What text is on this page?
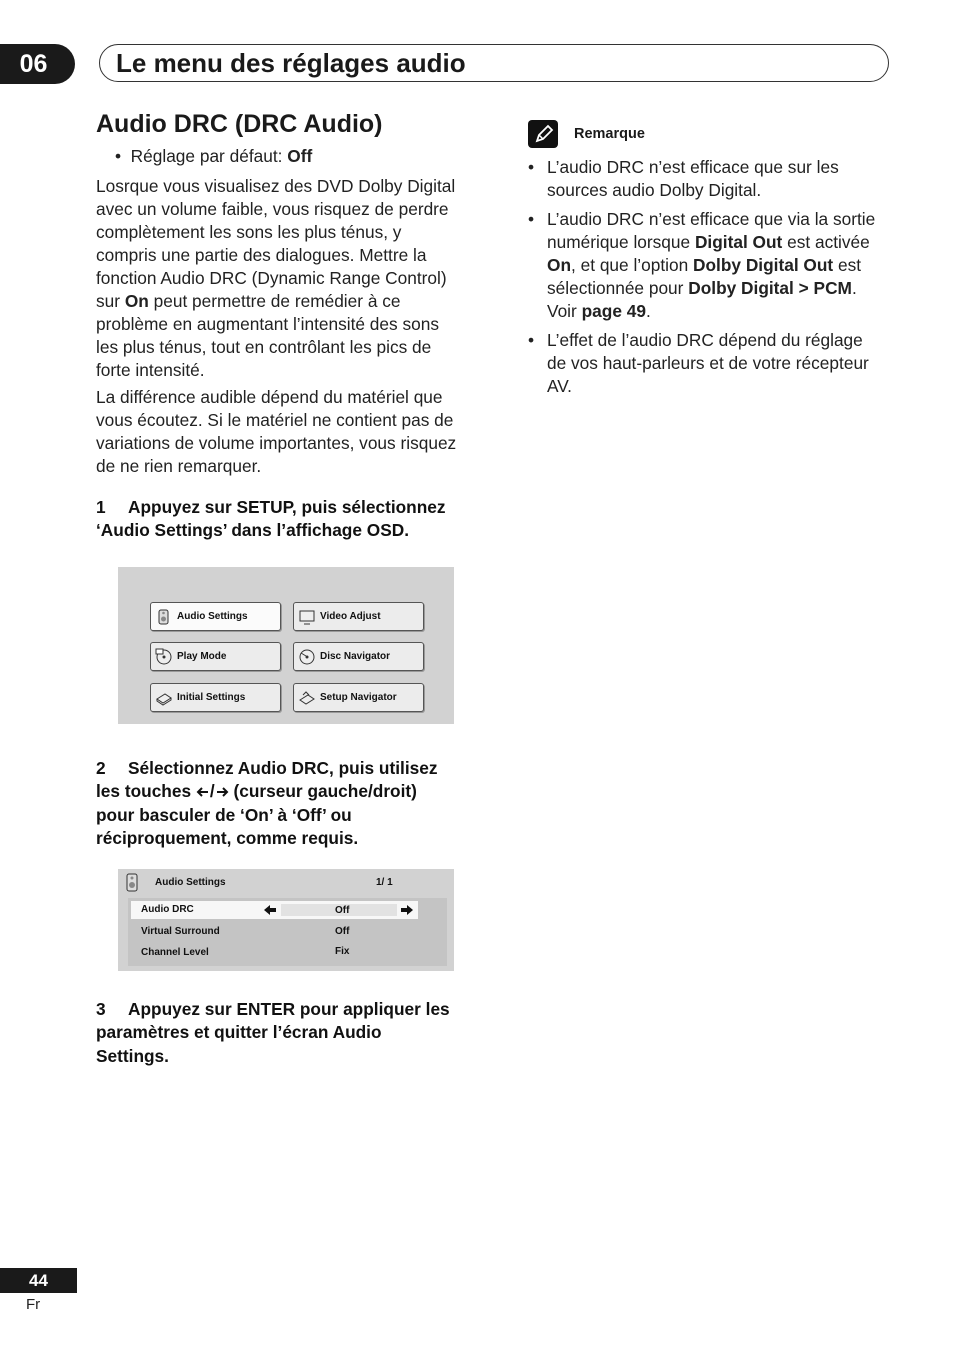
06	Le menu des réglages audio
Audio DRC (DRC Audio)
•  Réglage par défaut: Off
Losrque vous visualisez des DVD Dolby Digital avec un volume faible, vous risquez de perdre complètement les sons les plus ténus, y compris une partie des dialogues. Mettre la fonction Audio DRC (Dynamic Range Control) sur On peut permettre de remédier à ce problème en augmentant l’intensité des sons les plus ténus, tout en contrôlant les pics de forte intensité.
La différence audible dépend du matériel que vous écoutez. Si le matériel ne contient pas de variations de volume importantes, vous risquez de ne rien remarquer.
1 Appuyez sur SETUP, puis sélectionnez
‘Audio Settings’ dans l’affichage OSD.
Audio Settings	Video Adjust
Play Mode	Disc Navigator
Initial Settings	Setup Navigator
2 Sélectionnez Audio DRC, puis utilisez
les touches / (curseur gauche/droit)
pour basculer de ‘On’ à ‘Off’ ou
réciproquement, comme requis.
Audio Settings	1/ 1
Audio DRC	Off
Virtual Surround	Off
Channel Level	Fix
3 Appuyez sur ENTER pour appliquer les
paramètres et quitter l’écran Audio
Settings.
Remarque
• L’audio DRC n’est efficace que sur les sources audio Dolby Digital.
• L’audio DRC n’est efficace que via la sortie numérique lorsque Digital Out est activée On, et que l’option Dolby Digital Out est sélectionnée pour Dolby Digital > PCM. Voir page 49.
• L’effet de l’audio DRC dépend du réglage de vos haut-parleurs et de votre récepteur AV.
44
Fr
